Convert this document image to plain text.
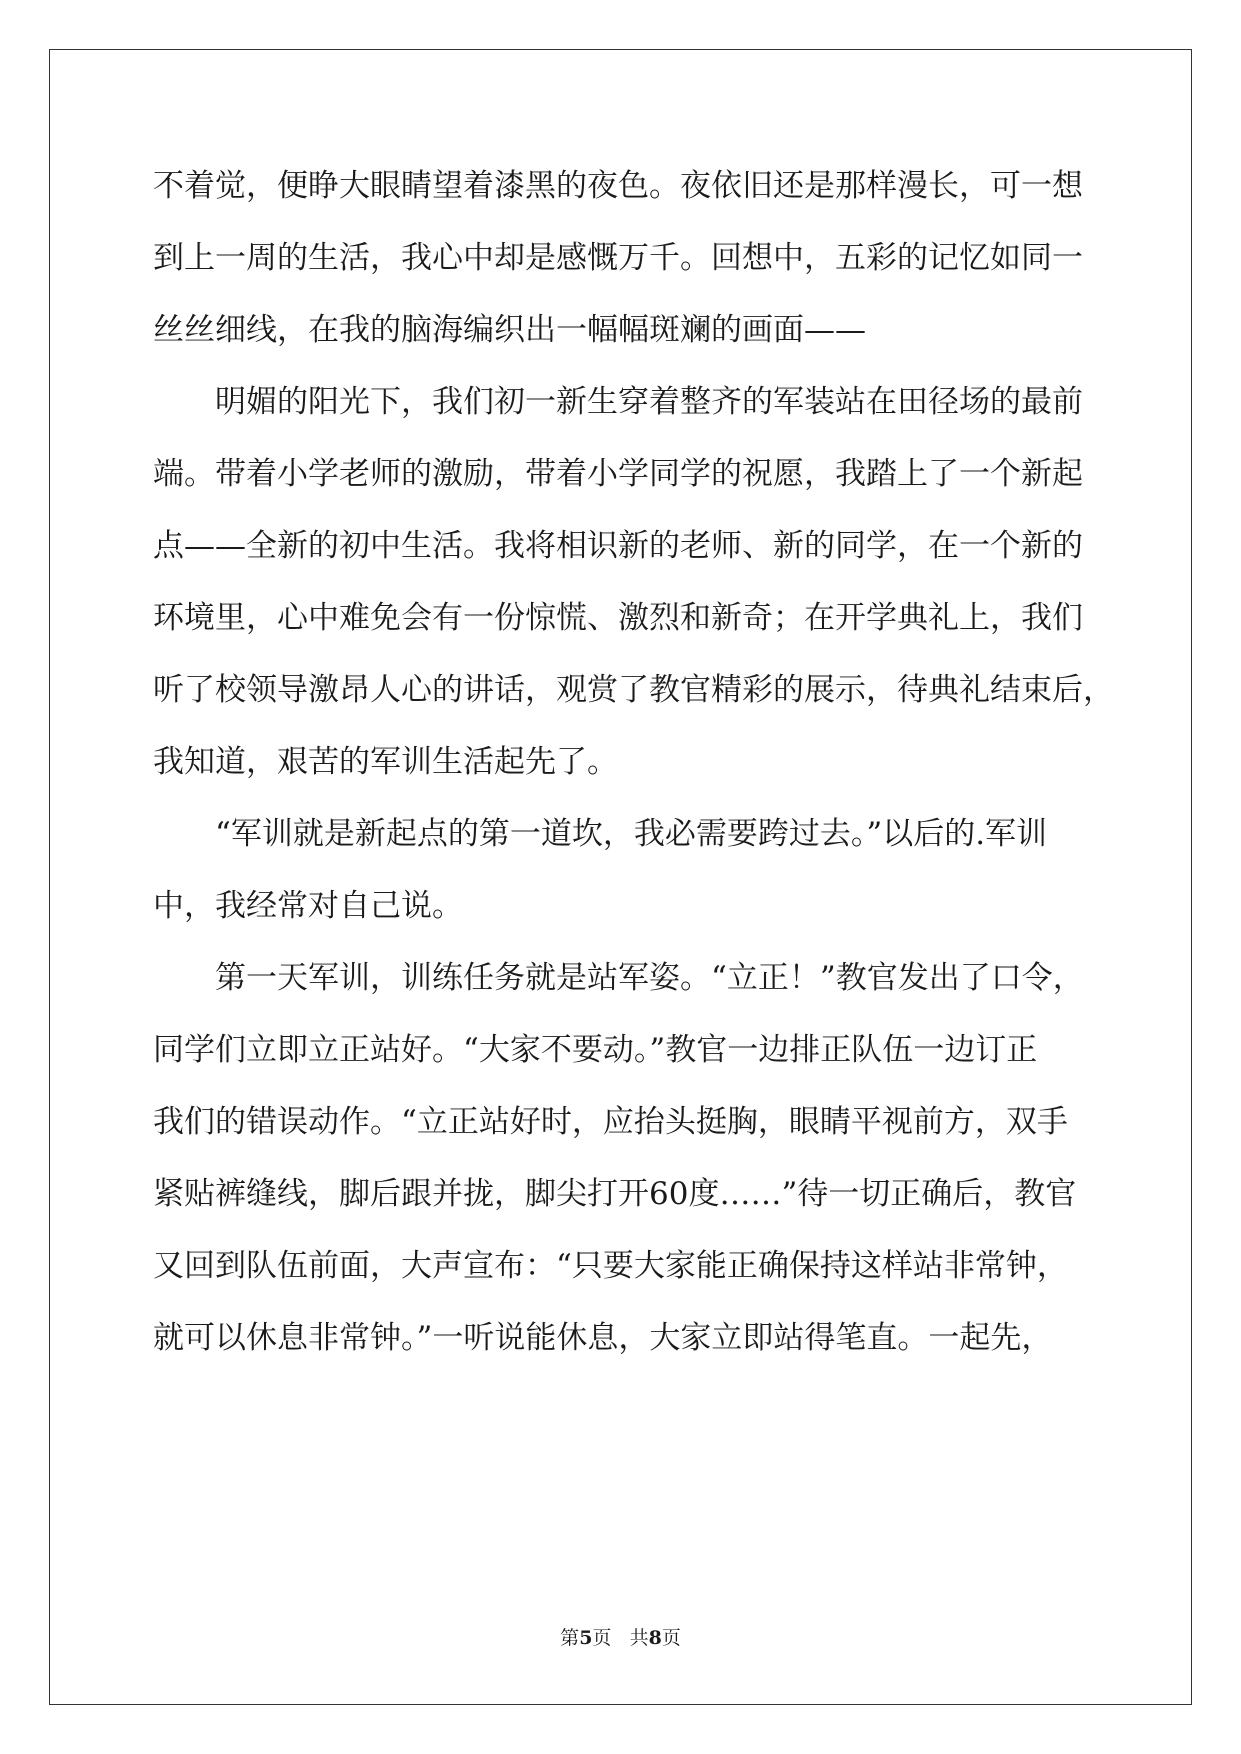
不着觉，便睁大眼睛望着漆黑的夜色。夜依旧还是那样漫长，可一想
到上一周的生活，我心中却是感慨万千。回想中，五彩的记忆如同一
丝丝细线，在我的脑海编织出一幅幅斑斓的画面——
　　明媚的阳光下，我们初一新生穿着整齐的军装站在田径场的最前
端。带着小学老师的激励，带着小学同学的祝愿，我踏上了一个新起
点——全新的初中生活。我将相识新的老师、新的同学，在一个新的
环境里，心中难免会有一份惊慌、激烈和新奇；在开学典礼上，我们
听了校领导激昂人心的讲话，观赏了教官精彩的展示，待典礼结束后，
我知道，艰苦的军训生活起先了。
　　“军训就是新起点的第一道坎，我必需要跨过去。”以后的.军训
中，我经常对自己说。
　　第一天军训，训练任务就是站军姿。“立正！”教官发出了口令，
同学们立即立正站好。“大家不要动。”教官一边排正队伍一边订正
我们的错误动作。“立正站好时，应抬头挺胸，眼睛平视前方，双手
紧贴裤缝线，脚后跟并拢，脚尖打开60度……”待一切正确后，教官
又回到队伍前面，大声宣布：“只要大家能正确保持这样站非常钟，
就可以休息非常钟。”一听说能休息，大家立即站得笔直。一起先，
第5页 共8页
